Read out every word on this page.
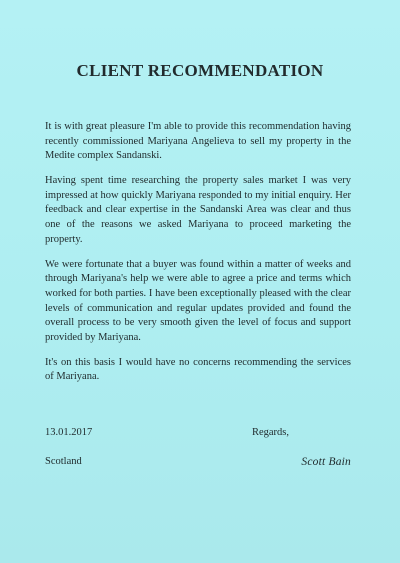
CLIENT RECOMMENDATION

It is with great pleasure I'm able to provide this recommendation having recently commissioned Mariyana Angelieva to sell my property in the Medite complex Sandanski.

Having spent time researching the property sales market I was very impressed at how quickly Mariyana responded to my initial enquiry. Her feedback and clear expertise in the Sandanski Area was clear and thus one of the reasons we asked Mariyana to proceed marketing the property.

We were fortunate that a buyer was found within a matter of weeks and through Mariyana's help we were able to agree a price and terms which worked for both parties. I have been exceptionally pleased with the clear levels of communication and regular updates provided and found the overall process to be very smooth given the level of focus and support provided by Mariyana.

It's on this basis I would have no concerns recommending the services of Mariyana.

13.01.2017	Regards,
Scotland	Scott Bain
